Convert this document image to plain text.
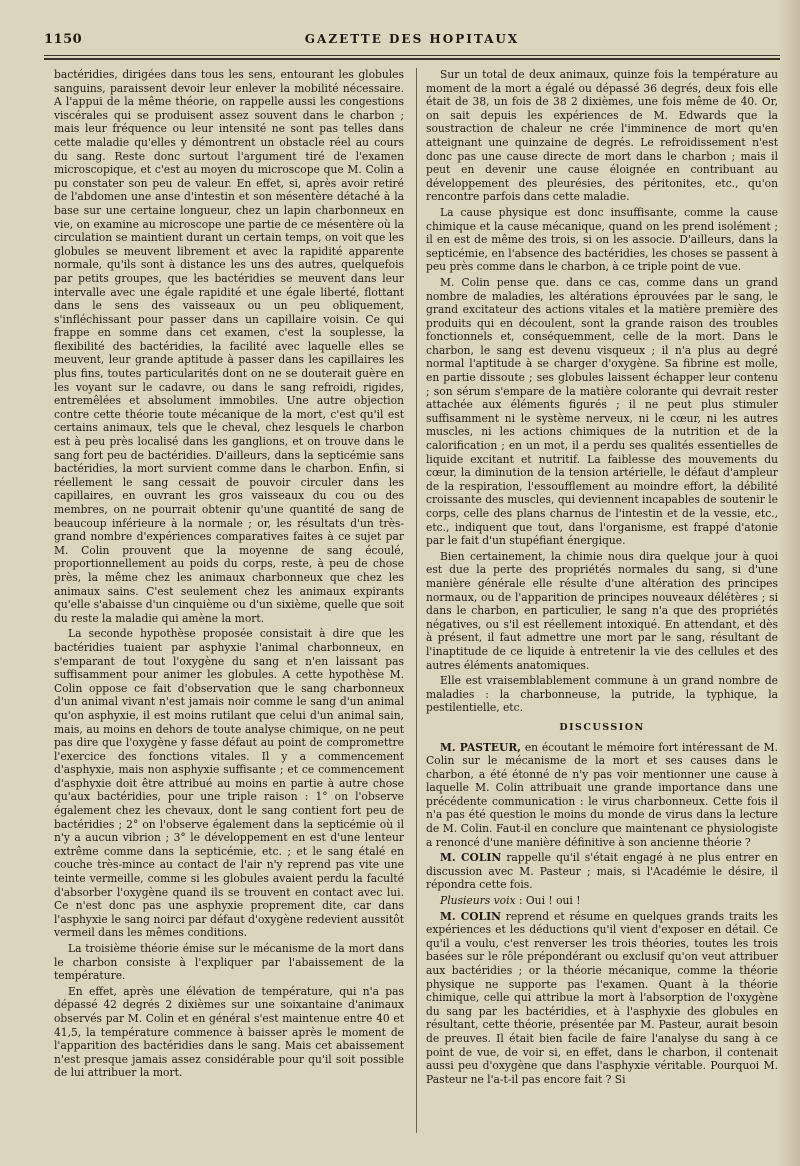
1150	GAZETTE DES HOPITAUX

bactéridies, dirigées dans tous les sens, entourant les globules sanguins, paraissent devoir leur enlever la mobilité nécessaire. A l'appui de la même théorie, on rappelle aussi les congestions viscérales qui se produisent assez souvent dans le charbon ; mais leur fréquence ou leur intensité ne sont pas telles dans cette maladie qu'elles y démontrent un obstacle réel au cours du sang. Reste donc surtout l'argument tiré de l'examen microscopique, et c'est au moyen du microscope que M. Colin a pu constater son peu de valeur. En effet, si, après avoir retiré de l'abdomen une anse d'intestin et son mésentère détaché à la base sur une certaine longueur, chez un lapin charbonneux en vie, on examine au microscope une partie de ce mésentère où la circulation se maintient durant un certain temps, on voit que les globules se meuvent librement et avec la rapidité apparente normale, qu'ils sont à distance les uns des autres, quelquefois par petits groupes, que les bactéridies se meuvent dans leur intervalle avec une égale rapidité et une égale liberté, flottant dans le sens des vaisseaux ou un peu obliquement, s'infléchissant pour passer dans un capillaire voisin. Ce qui frappe en somme dans cet examen, c'est la souplesse, la flexibilité des bactéridies, la facilité avec laquelle elles se meuvent, leur grande aptitude à passer dans les capillaires les plus fins, toutes particularités dont on ne se douterait guère en les voyant sur le cadavre, ou dans le sang refroidi, rigides, entremêlées et absolument immobiles. Une autre objection contre cette théorie toute mécanique de la mort, c'est qu'il est certains animaux, tels que le cheval, chez lesquels le charbon est à peu près localisé dans les ganglions, et on trouve dans le sang fort peu de bactéridies. D'ailleurs, dans la septicémie sans bactéridies, la mort survient comme dans le charbon. Enfin, si réellement le sang cessait de pouvoir circuler dans les capillaires, en ouvrant les gros vaisseaux du cou ou des membres, on ne pourrait obtenir qu'une quantité de sang de beaucoup inférieure à la normale ; or, les résultats d'un très-grand nombre d'expériences comparatives faites à ce sujet par M. Colin prouvent que la moyenne de sang écoulé, proportionnellement au poids du corps, reste, à peu de chose près, la même chez les animaux charbonneux que chez les animaux sains. C'est seulement chez les animaux expirants qu'elle s'abaisse d'un cinquième ou d'un sixième, quelle que soit du reste la maladie qui amène la mort.

La seconde hypothèse proposée consistait à dire que les bactéridies tuaient par asphyxie l'animal charbonneux, en s'emparant de tout l'oxygène du sang et n'en laissant pas suffisamment pour animer les globules. A cette hypothèse M. Colin oppose ce fait d'observation que le sang charbonneux d'un animal vivant n'est jamais noir comme le sang d'un animal qu'on asphyxie, il est moins rutilant que celui d'un animal sain, mais, au moins en dehors de toute analyse chimique, on ne peut pas dire que l'oxygène y fasse défaut au point de compromettre l'exercice des fonctions vitales. Il y a commencement d'asphyxie, mais non asphyxie suffisante ; et ce commencement d'asphyxie doit être attribué au moins en partie à autre chose qu'aux bactéridies, pour une triple raison : 1° on l'observe également chez les chevaux, dont le sang contient fort peu de bactéridies ; 2° on l'observe également dans la septicémie où il n'y a aucun vibrion ; 3° le développement en est d'une lenteur extrême comme dans la septicémie, etc. ; et le sang étalé en couche très-mince au contact de l'air n'y reprend pas vite une teinte vermeille, comme si les globules avaient perdu la faculté d'absorber l'oxygène quand ils se trouvent en contact avec lui. Ce n'est donc pas une asphyxie proprement dite, car dans l'asphyxie le sang noirci par défaut d'oxygène redevient aussitôt vermeil dans les mêmes conditions.

La troisième théorie émise sur le mécanisme de la mort dans le charbon consiste à l'expliquer par l'abaissement de la température.

En effet, après une élévation de température, qui n'a pas dépassé 42 degrés 2 dixièmes sur une soixantaine d'animaux observés par M. Colin et en général s'est maintenue entre 40 et 41,5, la température commence à baisser après le moment de l'apparition des bactéridies dans le sang. Mais cet abaissement n'est presque jamais assez considérable pour qu'il soit possible de lui attribuer la mort.

Sur un total de deux animaux, quinze fois la température au moment de la mort a égalé ou dépassé 36 degrés, deux fois elle était de 38, un fois de 38 2 dixièmes, une fois même de 40. Or, on sait depuis les expériences de M. Edwards que la soustraction de chaleur ne crée l'imminence de mort qu'en atteignant une quinzaine de degrés. Le refroidissement n'est donc pas une cause directe de mort dans le charbon ; mais il peut en devenir une cause éloignée en contribuant au développement des pleurésies, des péritonites, etc., qu'on rencontre parfois dans cette maladie.

La cause physique est donc insuffisante, comme la cause chimique et la cause mécanique, quand on les prend isolément ; il en est de même des trois, si on les associe. D'ailleurs, dans la septicémie, en l'absence des bactéridies, les choses se passent à peu près comme dans le charbon, à ce triple point de vue.

M. Colin pense que. dans ce cas, comme dans un grand nombre de maladies, les altérations éprouvées par le sang, le grand excitateur des actions vitales et la matière première des produits qui en découlent, sont la grande raison des troubles fonctionnels et, conséquemment, celle de la mort. Dans le charbon, le sang est devenu visqueux ; il n'a plus au degré normal l'aptitude à se charger d'oxygène. Sa fibrine est molle, en partie dissoute ; ses globules laissent échapper leur contenu ; son sérum s'empare de la matière colorante qui devrait rester attachée aux éléments figurés ; il ne peut plus stimuler suffisamment ni le système nerveux, ni le cœur, ni les autres muscles, ni les actions chimiques de la nutrition et de la calorification ; en un mot, il a perdu ses qualités essentielles de liquide excitant et nutritif. La faiblesse des mouvements du cœur, la diminution de la tension artérielle, le défaut d'ampleur de la respiration, l'essoufflement au moindre effort, la débilité croissante des muscles, qui deviennent incapables de soutenir le corps, celle des plans charnus de l'intestin et de la vessie, etc., etc., indiquent que tout, dans l'organisme, est frappé d'atonie par le fait d'un stupéfiant énergique.

Bien certainement, la chimie nous dira quelque jour à quoi est due la perte des propriétés normales du sang, si d'une manière générale elle résulte d'une altération des principes normaux, ou de l'apparition de principes nouveaux délétères ; si dans le charbon, en particulier, le sang n'a que des propriétés négatives, ou s'il est réellement intoxiqué. En attendant, et dès à présent, il faut admettre une mort par le sang, résultant de l'inaptitude de ce liquide à entretenir la vie des cellules et des autres éléments anatomiques.

Elle est vraisemblablement commune à un grand nombre de maladies : la charbonneuse, la putride, la typhique, la pestilentielle, etc.

DISCUSSION

M. PASTEUR, en écoutant le mémoire fort intéressant de M. Colin sur le mécanisme de la mort et ses causes dans le charbon, a été étonné de n'y pas voir mentionner une cause à laquelle M. Colin attribuait une grande importance dans une précédente communication : le virus charbonneux. Cette fois il n'a pas été question le moins du monde de virus dans la lecture de M. Colin. Faut-il en conclure que maintenant ce physiologiste a renoncé d'une manière définitive à son ancienne théorie ?

M. COLIN rappelle qu'il s'était engagé à ne plus entrer en discussion avec M. Pasteur ; mais, si l'Académie le désire, il répondra cette fois.

Plusieurs voix : Oui ! oui !

M. COLIN reprend et résume en quelques grands traits les expériences et les déductions qu'il vient d'exposer en détail. Ce qu'il a voulu, c'est renverser les trois théories, toutes les trois basées sur le rôle prépondérant ou exclusif qu'on veut attribuer aux bactéridies ; or la théorie mécanique, comme la théorie physique ne supporte pas l'examen. Quant à la théorie chimique, celle qui attribue la mort à l'absorption de l'oxygène du sang par les bactéridies, et à l'asphyxie des globules en résultant, cette théorie, présentée par M. Pasteur, aurait besoin de preuves. Il était bien facile de faire l'analyse du sang à ce point de vue, de voir si, en effet, dans le charbon, il contenait aussi peu d'oxygène que dans l'asphyxie véritable. Pourquoi M. Pasteur ne l'a-t-il pas encore fait ? Si
